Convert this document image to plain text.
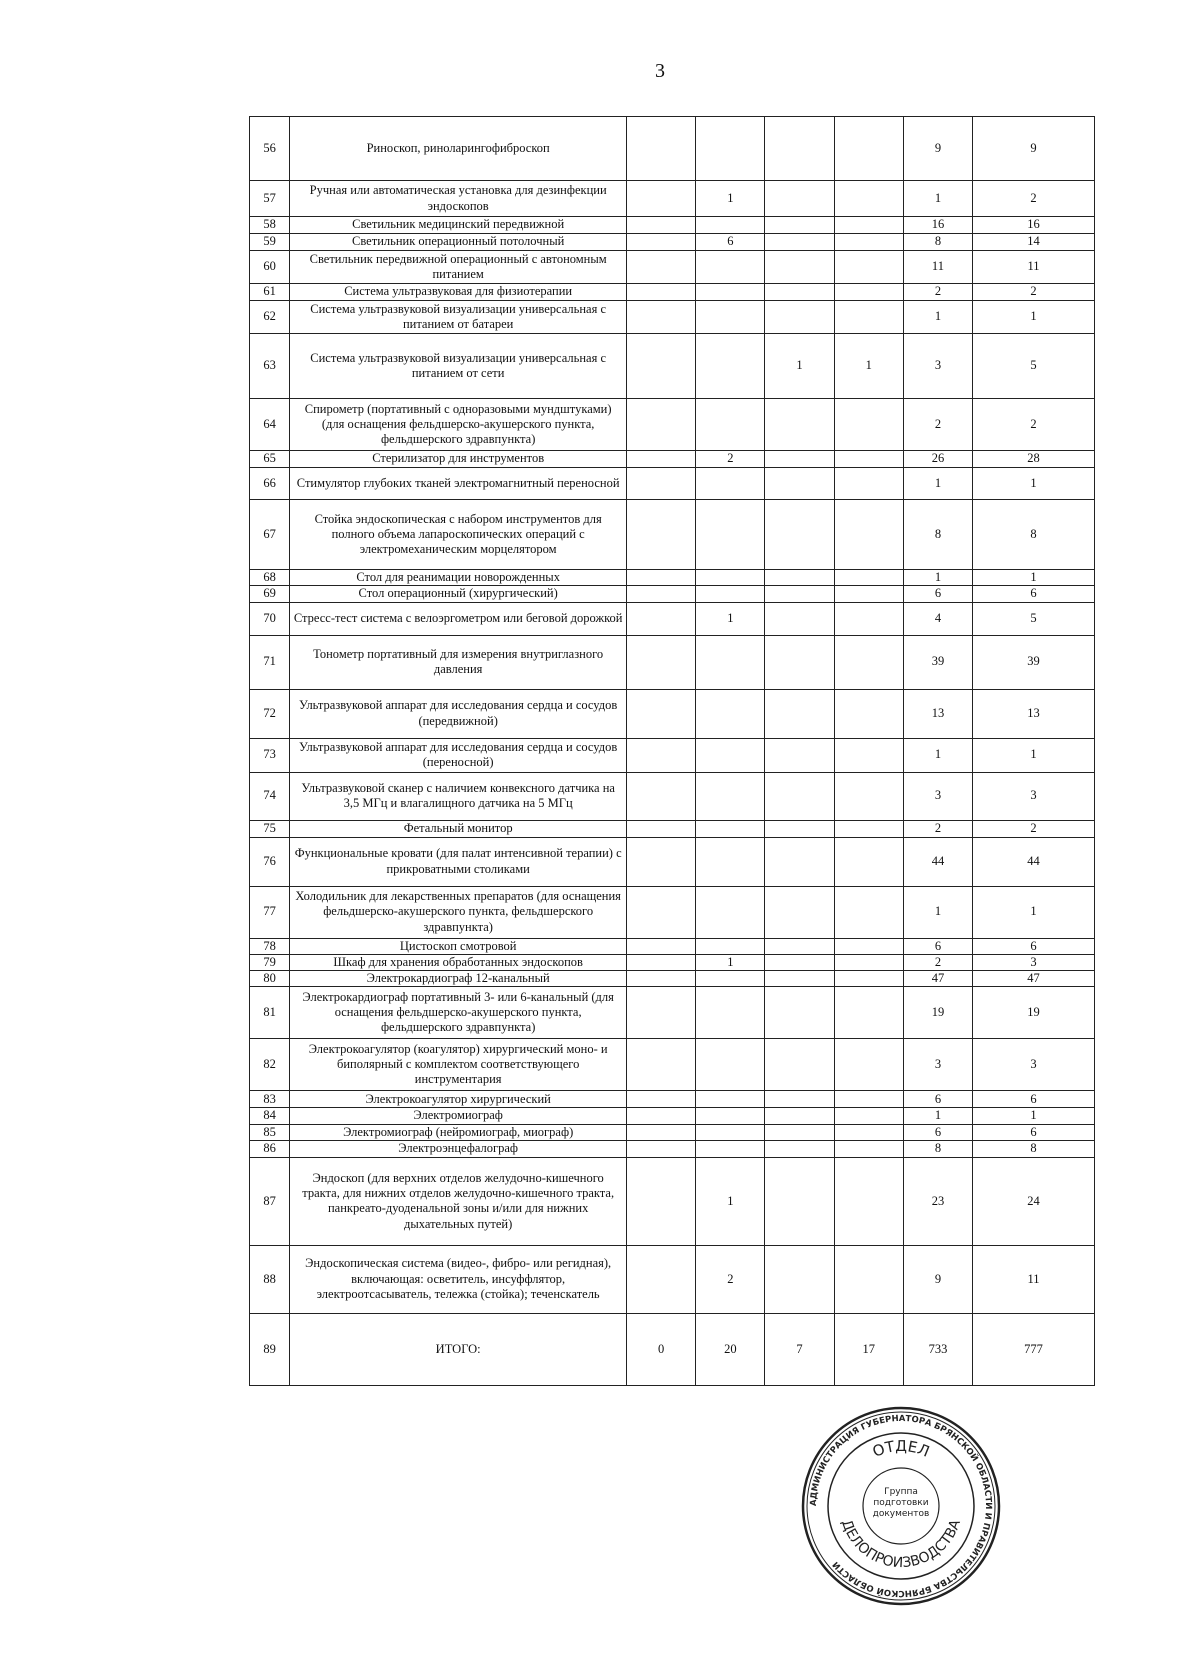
3
56	Риноскоп, риноларингофиброскоп					9	9
57	Ручная или автоматическая установка для дезинфекции эндоскопов		1			1	2
58	Светильник медицинский передвижной					16	16
59	Светильник операционный потолочный		6			8	14
60	Светильник передвижной операционный с автономным питанием					11	11
61	Система ультразвуковая для физиотерапии					2	2
62	Система ультразвуковой визуализации универсальная с питанием от батареи					1	1
63	Система ультразвуковой визуализации универсальная с питанием от сети			1	1	3	5
64	Спирометр (портативный с одноразовыми мундштуками) (для оснащения фельдшерско-акушерского пункта, фельдшерского здравпункта)					2	2
65	Стерилизатор для инструментов		2			26	28
66	Стимулятор глубоких тканей электромагнитный переносной					1	1
67	Стойка эндоскопическая с набором инструментов для полного объема лапароскопических операций с электромеханическим морцелятором					8	8
68	Стол для реанимации новорожденных					1	1
69	Стол операционный (хирургический)					6	6
70	Стресс-тест система с велоэргометром или беговой дорожкой		1			4	5
71	Тонометр портативный для измерения внутриглазного давления					39	39
72	Ультразвуковой аппарат для исследования сердца и сосудов (передвижной)					13	13
73	Ультразвуковой аппарат для исследования сердца и сосудов (переносной)					1	1
74	Ультразвуковой сканер с наличием конвексного датчика на 3,5 МГц и влагалищного датчика на 5 МГц					3	3
75	Фетальный монитор					2	2
76	Функциональные кровати (для палат интенсивной терапии) с прикроватными столиками					44	44
77	Холодильник для лекарственных препаратов (для оснащения фельдшерско-акушерского пункта, фельдшерского здравпункта)					1	1
78	Цистоскоп смотровой					6	6
79	Шкаф для хранения обработанных эндоскопов		1			2	3
80	Электрокардиограф 12-канальный					47	47
81	Электрокардиограф портативный 3- или 6-канальный (для оснащения фельдшерско-акушерского пункта, фельдшерского здравпункта)					19	19
82	Электрокоагулятор (коагулятор) хирургический моно- и биполярный с комплектом соответствующего инструментария					3	3
83	Электрокоагулятор хирургический					6	6
84	Электромиограф					1	1
85	Электромиограф (нейромиограф, миограф)					6	6
86	Электроэнцефалограф					8	8
87	Эндоскоп (для верхних отделов желудочно-кишечного тракта, для нижних отделов желудочно-кишечного тракта, панкреато-дуоденальной зоны и/или для нижних дыхательных путей)		1			23	24
88	Эндоскопическая система (видео-, фибро- или регидная), включающая: осветитель, инсуффлятор, электроотсасыватель, тележка (стойка); теченскатель		2			9	11
89	ИТОГО:	0	20	7	17	733	777
АДМИНИСТРАЦИЯ ГУБЕРНАТОРА БРЯНСКОЙ ОБЛАСТИ И ПРАВИТЕЛЬСТВА БРЯНСКОЙ ОБЛАСТИ
ОТДЕЛ
ДЕЛОПРОИЗВОДСТВА
Группа подготовки документов
